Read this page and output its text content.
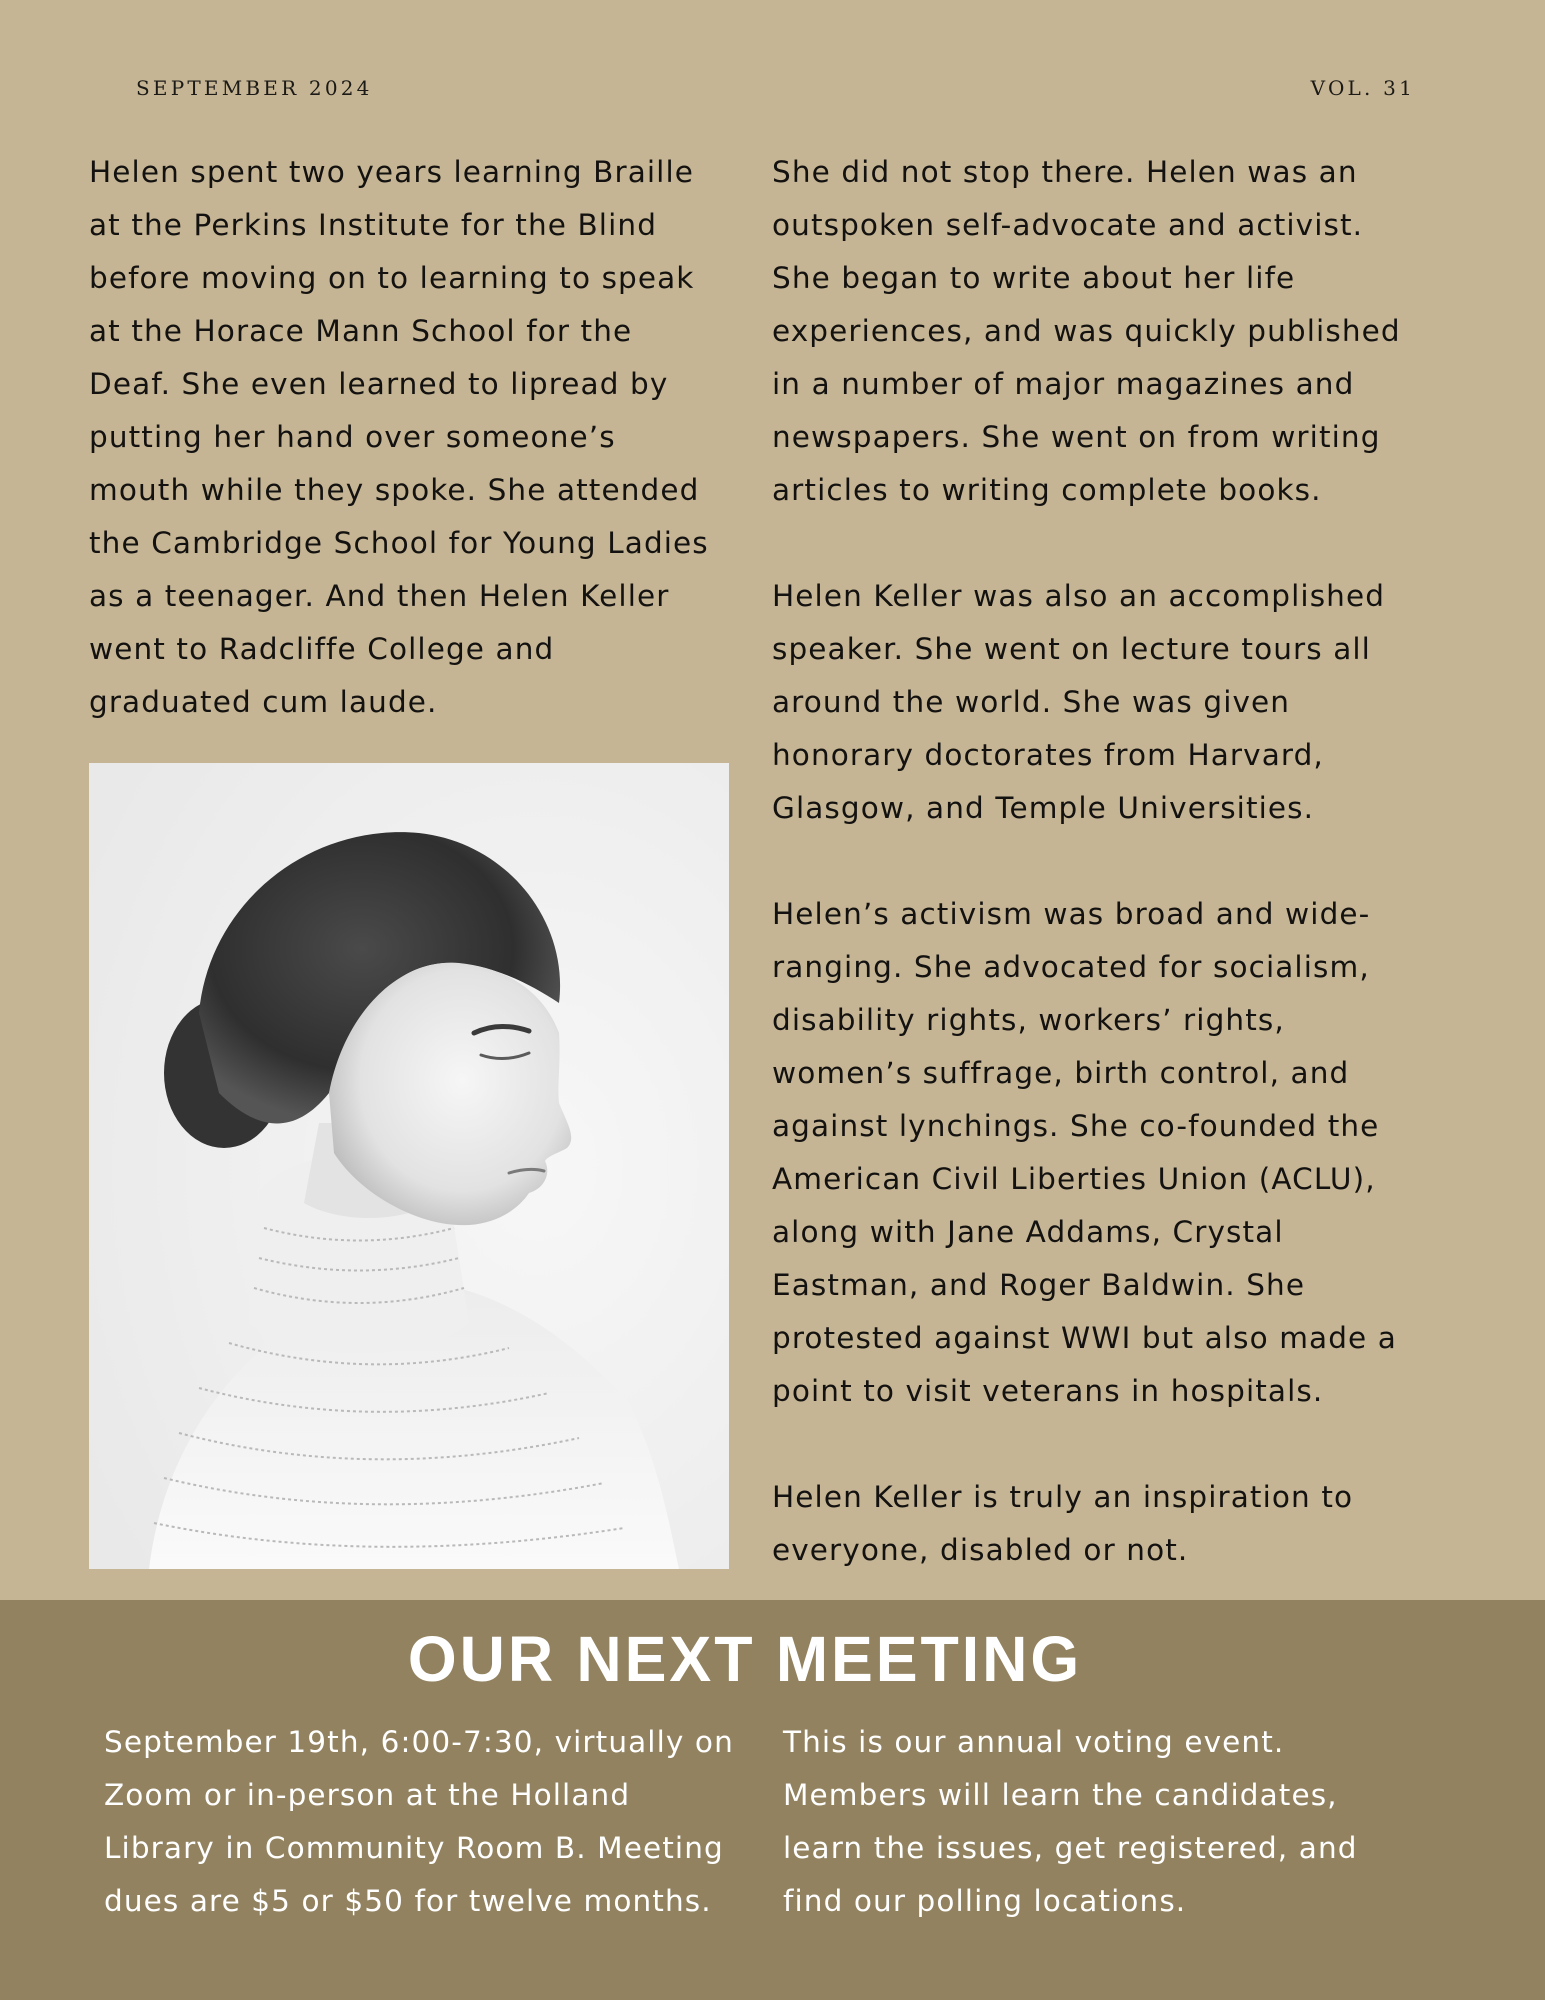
SEPTEMBER 2024	VOL. 31

Helen spent two years learning Braille
at the Perkins Institute for the Blind
before moving on to learning to speak
at the Horace Mann School for the
Deaf. She even learned to lipread by
putting her hand over someone’s
mouth while they spoke. She attended
the Cambridge School for Young Ladies
as a teenager. And then Helen Keller
went to Radcliffe College and
graduated cum laude.

She did not stop there. Helen was an
outspoken self-advocate and activist.
She began to write about her life
experiences, and was quickly published
in a number of major magazines and
newspapers. She went on from writing
articles to writing complete books.

Helen Keller was also an accomplished
speaker. She went on lecture tours all
around the world. She was given
honorary doctorates from Harvard,
Glasgow, and Temple Universities.

Helen’s activism was broad and wide-
ranging. She advocated for socialism,
disability rights, workers’ rights,
women’s suffrage, birth control, and
against lynchings. She co-founded the
American Civil Liberties Union (ACLU),
along with Jane Addams, Crystal
Eastman, and Roger Baldwin. She
protested against WWI but also made a
point to visit veterans in hospitals.

Helen Keller is truly an inspiration to
everyone, disabled or not.

OUR NEXT MEETING

September 19th, 6:00-7:30, virtually on
Zoom or in-person at the Holland
Library in Community Room B. Meeting
dues are $5 or $50 for twelve months.

This is our annual voting event.
Members will learn the candidates,
learn the issues, get registered, and
find our polling locations.
